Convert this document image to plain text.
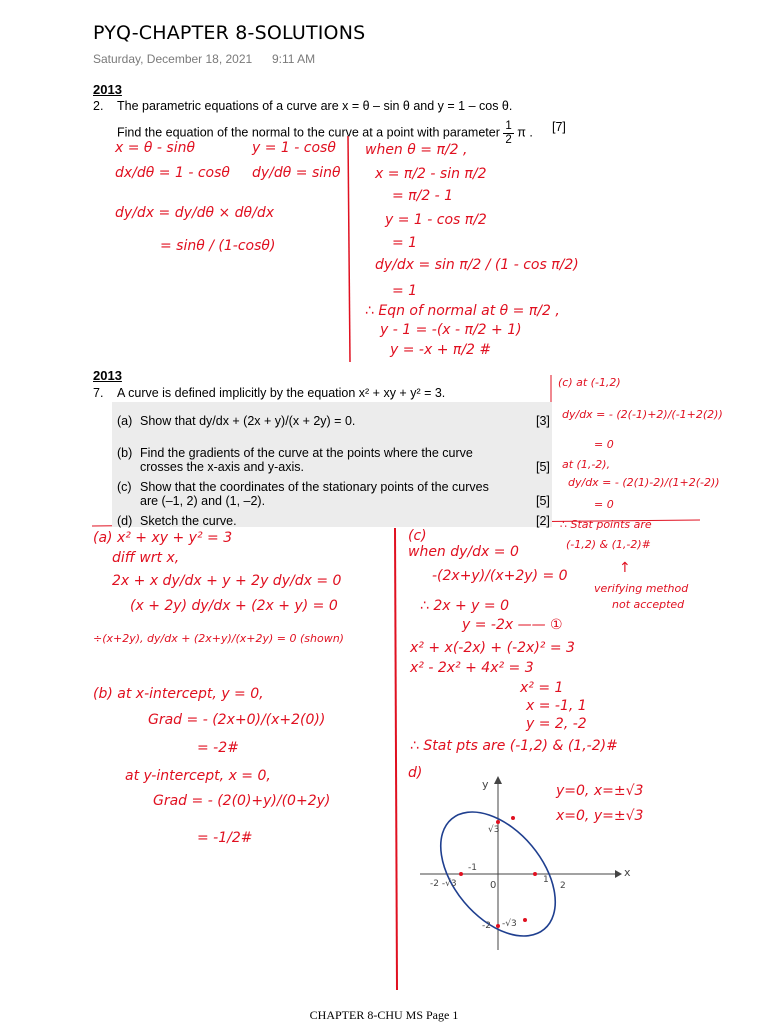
PYQ-CHAPTER 8-SOLUTIONS
Saturday, December 18, 2021 9:11 AM
2013
2. The parametric equations of a curve are x = θ – sin θ and y = 1 – cos θ.
Find the equation of the normal to the curve at a point with parameter $\frac{1}{2}$ π . [7]
x = θ - sinθ	y = 1 - cosθ
dx/dθ = 1 - cosθ dy/dθ = sinθ
dy/dx = dy/dθ × dθ/dx
= sinθ / (1-cosθ)
when θ = π/2 ,
x = π/2 - sin π/2
= π/2 - 1
y = 1 - cos π/2
= 1
dy/dx = sin π/2 / (1 - cos π/2)
= 1
∴ Eqn of normal at θ = π/2 ,
y - 1 = -(x - π/2 + 1)
y = -x + π/2 #
2013
7. A curve is defined implicitly by the equation x² + xy + y² = 3.
(a) Show that dy/dx + (2x + y)/(x + 2y) = 0.	[3]
(b) Find the gradients of the curve at the points where the curve
crosses the x-axis and y-axis.	[5]
(c) Show that the coordinates of the stationary points of the curves
are (–1, 2) and (1, –2).	[5]
(d) Sketch the curve.	[2]
(c) at (-1,2)
dy/dx = - (2(-1)+2)/(-1+2(2))
= 0
at (1,-2),
dy/dx = - (2(1)-2)/(1+2(-2))
= 0
∴ Stat points are
(-1,2) & (1,-2)#
↑
verifying method
not accepted
(a) x² + xy + y² = 3
diff wrt x,
2x + x dy/dx + y + 2y dy/dx = 0
(x + 2y) dy/dx + (2x + y) = 0
÷(x+2y), dy/dx + (2x+y)/(x+2y) = 0 (shown)
(b) at x-intercept, y = 0,
Grad = - (2x+0)/(x+2(0))
= -2#
at y-intercept, x = 0,
Grad = - (2(0)+y)/(0+2y)
= -1/2#
(c)
when dy/dx = 0
-(2x+y)/(x+2y) = 0
∴ 2x + y = 0
y = -2x —— ①
x² + x(-2x) + (-2x)² = 3
x² - 2x² + 4x² = 3
x² = 1
x = -1, 1
y = 2, -2
∴ Stat pts are (-1,2) & (1,-2)#
d)
y=0, x=±√3
x=0, y=±√3
x
y
0
√3
-√3
2
-2
1
-1
-2 -√3
CHAPTER 8-CHU MS Page 1
